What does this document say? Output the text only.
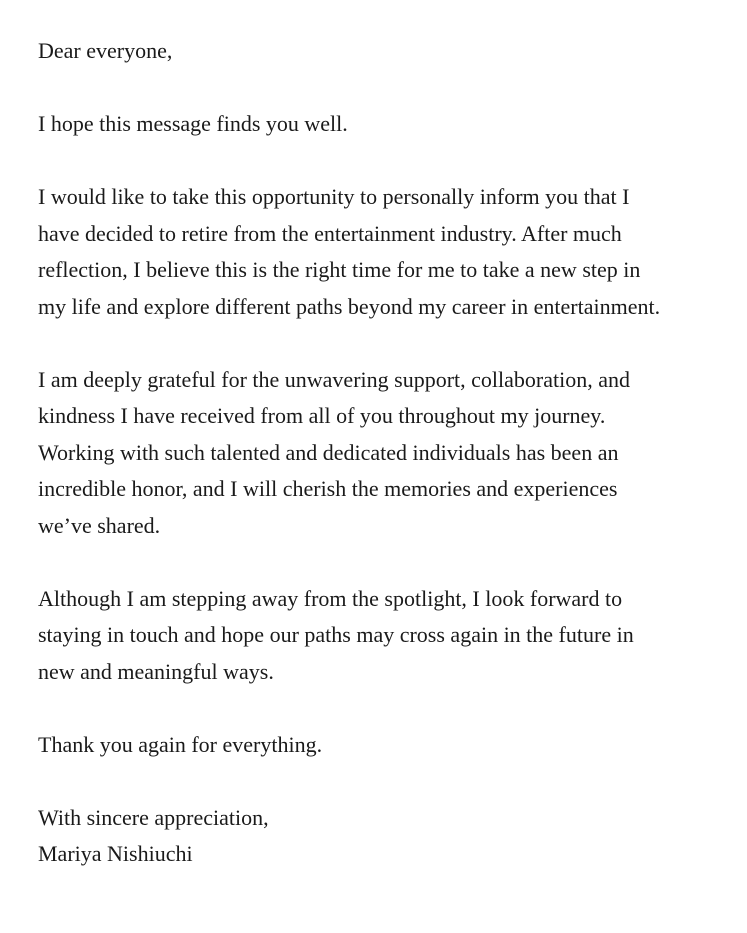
Dear everyone,
I hope this message finds you well.
I would like to take this opportunity to personally inform you that I
have decided to retire from the entertainment industry. After much
reflection, I believe this is the right time for me to take a new step in
my life and explore different paths beyond my career in entertainment.
I am deeply grateful for the unwavering support, collaboration, and
kindness I have received from all of you throughout my journey.
Working with such talented and dedicated individuals has been an
incredible honor, and I will cherish the memories and experiences
we’ve shared.
Although I am stepping away from the spotlight, I look forward to
staying in touch and hope our paths may cross again in the future in
new and meaningful ways.
Thank you again for everything.
With sincere appreciation,
Mariya Nishiuchi
